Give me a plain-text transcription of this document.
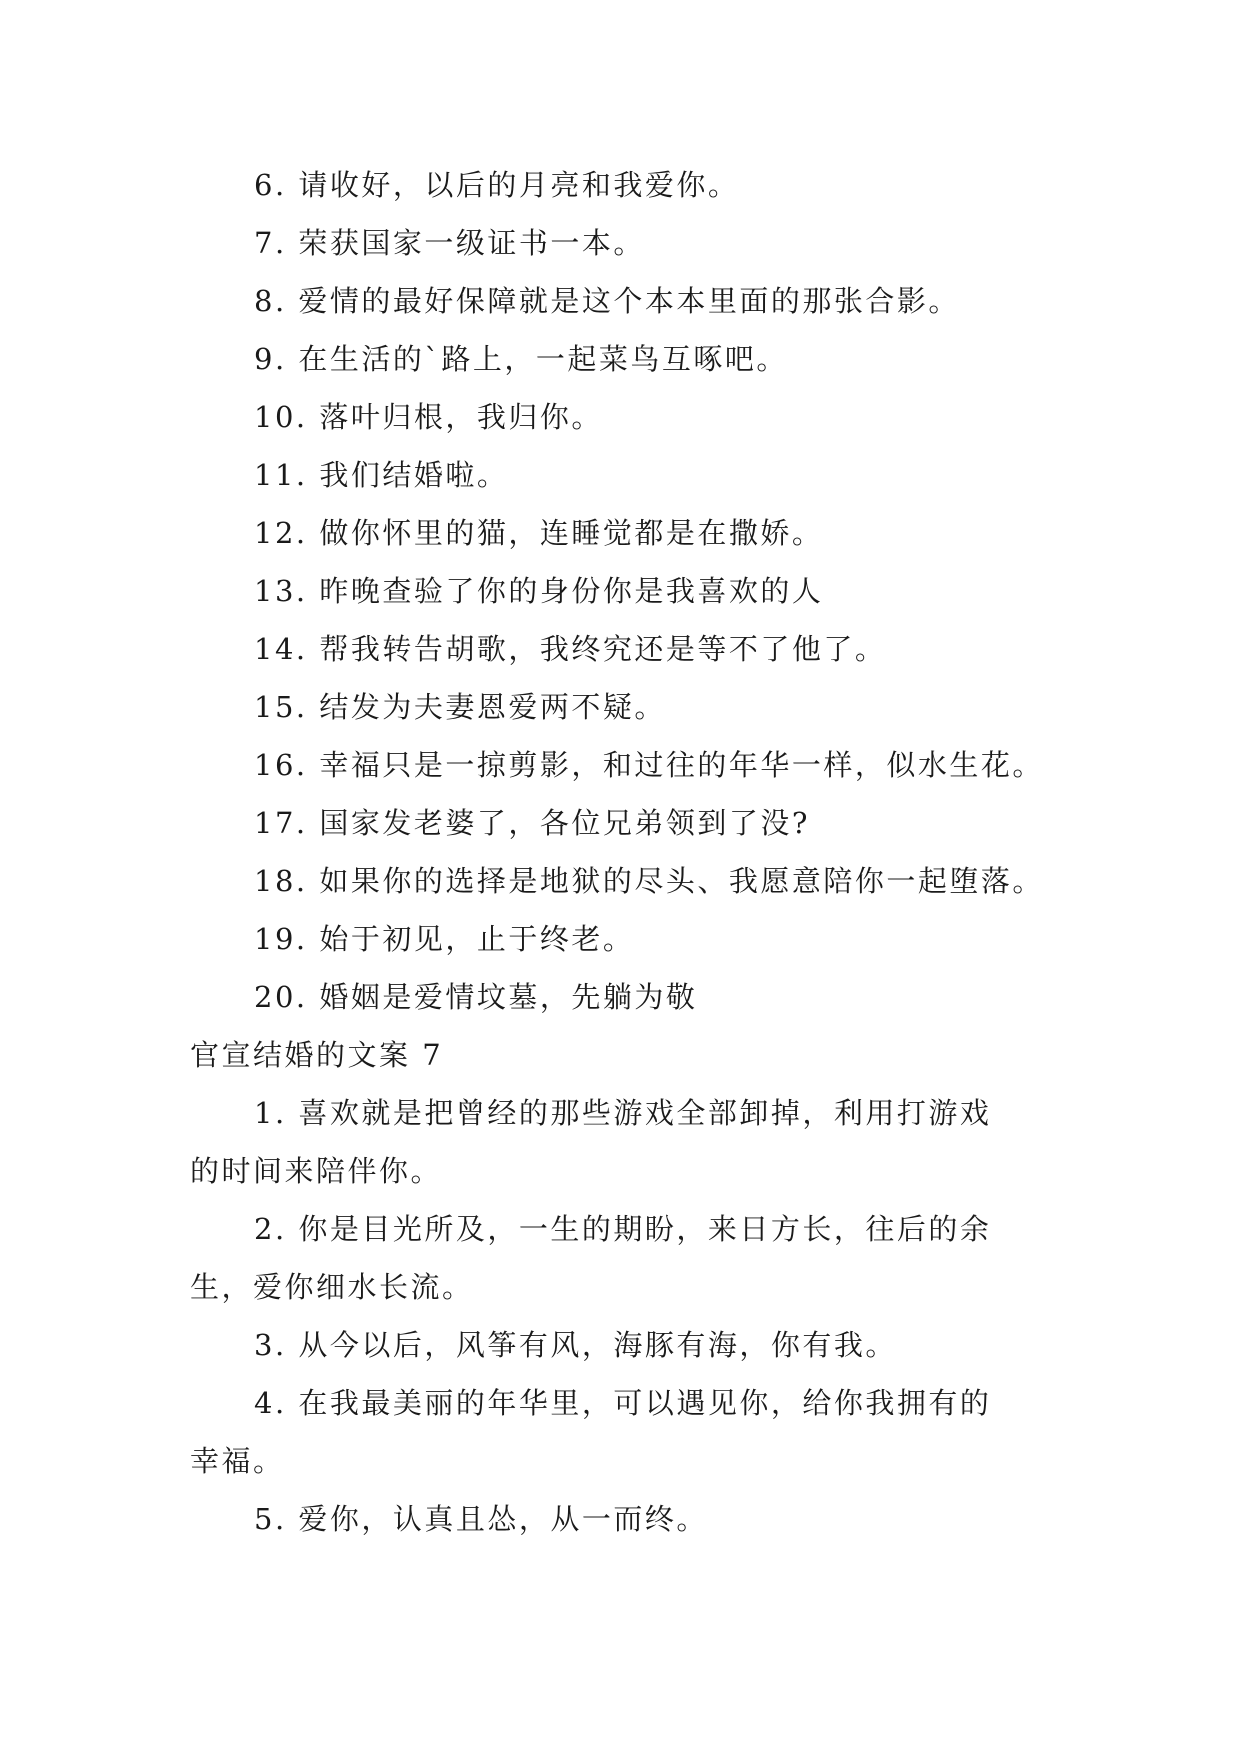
6. 请收好，以后的月亮和我爱你。
7. 荣获国家一级证书一本。
8. 爱情的最好保障就是这个本本里面的那张合影。
9. 在生活的`路上，一起菜鸟互啄吧。
10. 落叶归根，我归你。
11. 我们结婚啦。
12. 做你怀里的猫，连睡觉都是在撒娇。
13. 昨晚查验了你的身份你是我喜欢的人
14. 帮我转告胡歌，我终究还是等不了他了。
15. 结发为夫妻恩爱两不疑。
16. 幸福只是一掠剪影，和过往的年华一样，似水生花。
17. 国家发老婆了，各位兄弟领到了没?
18. 如果你的选择是地狱的尽头、我愿意陪你一起堕落。
19. 始于初见，止于终老。
20. 婚姻是爱情坟墓，先躺为敬
官宣结婚的文案 7
1. 喜欢就是把曾经的那些游戏全部卸掉，利用打游戏
的时间来陪伴你。
2. 你是目光所及，一生的期盼，来日方长，往后的余
生，爱你细水长流。
3. 从今以后，风筝有风，海豚有海，你有我。
4. 在我最美丽的年华里，可以遇见你，给你我拥有的
幸福。
5. 爱你，认真且怂，从一而终。
